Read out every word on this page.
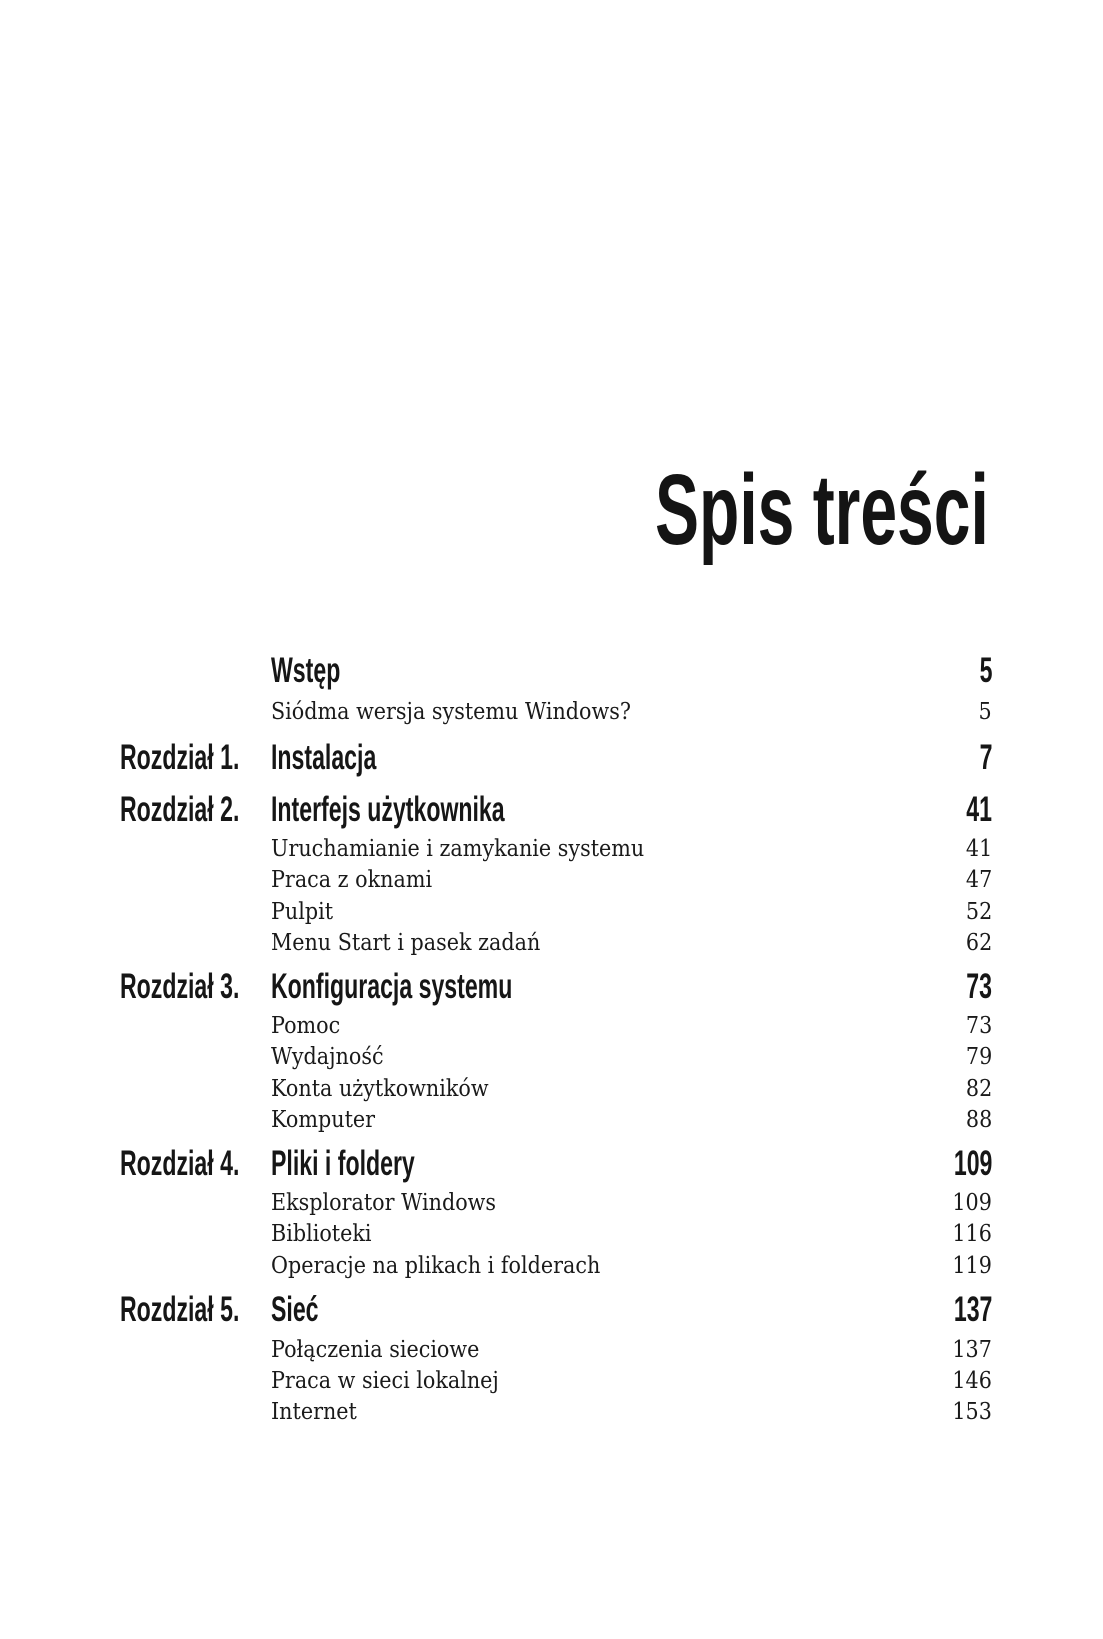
Spis treści
Wstęp	5
Siódma wersja systemu Windows?	5
Rozdział 1. Instalacja	7
Rozdział 2. Interfejs użytkownika	41
Uruchamianie i zamykanie systemu	41
Praca z oknami	47
Pulpit	52
Menu Start i pasek zadań	62
Rozdział 3. Konfiguracja systemu	73
Pomoc	73
Wydajność	79
Konta użytkowników	82
Komputer	88
Rozdział 4. Pliki i foldery	109
Eksplorator Windows	109
Biblioteki	116
Operacje na plikach i folderach	119
Rozdział 5. Sieć	137
Połączenia sieciowe	137
Praca w sieci lokalnej	146
Internet	153
